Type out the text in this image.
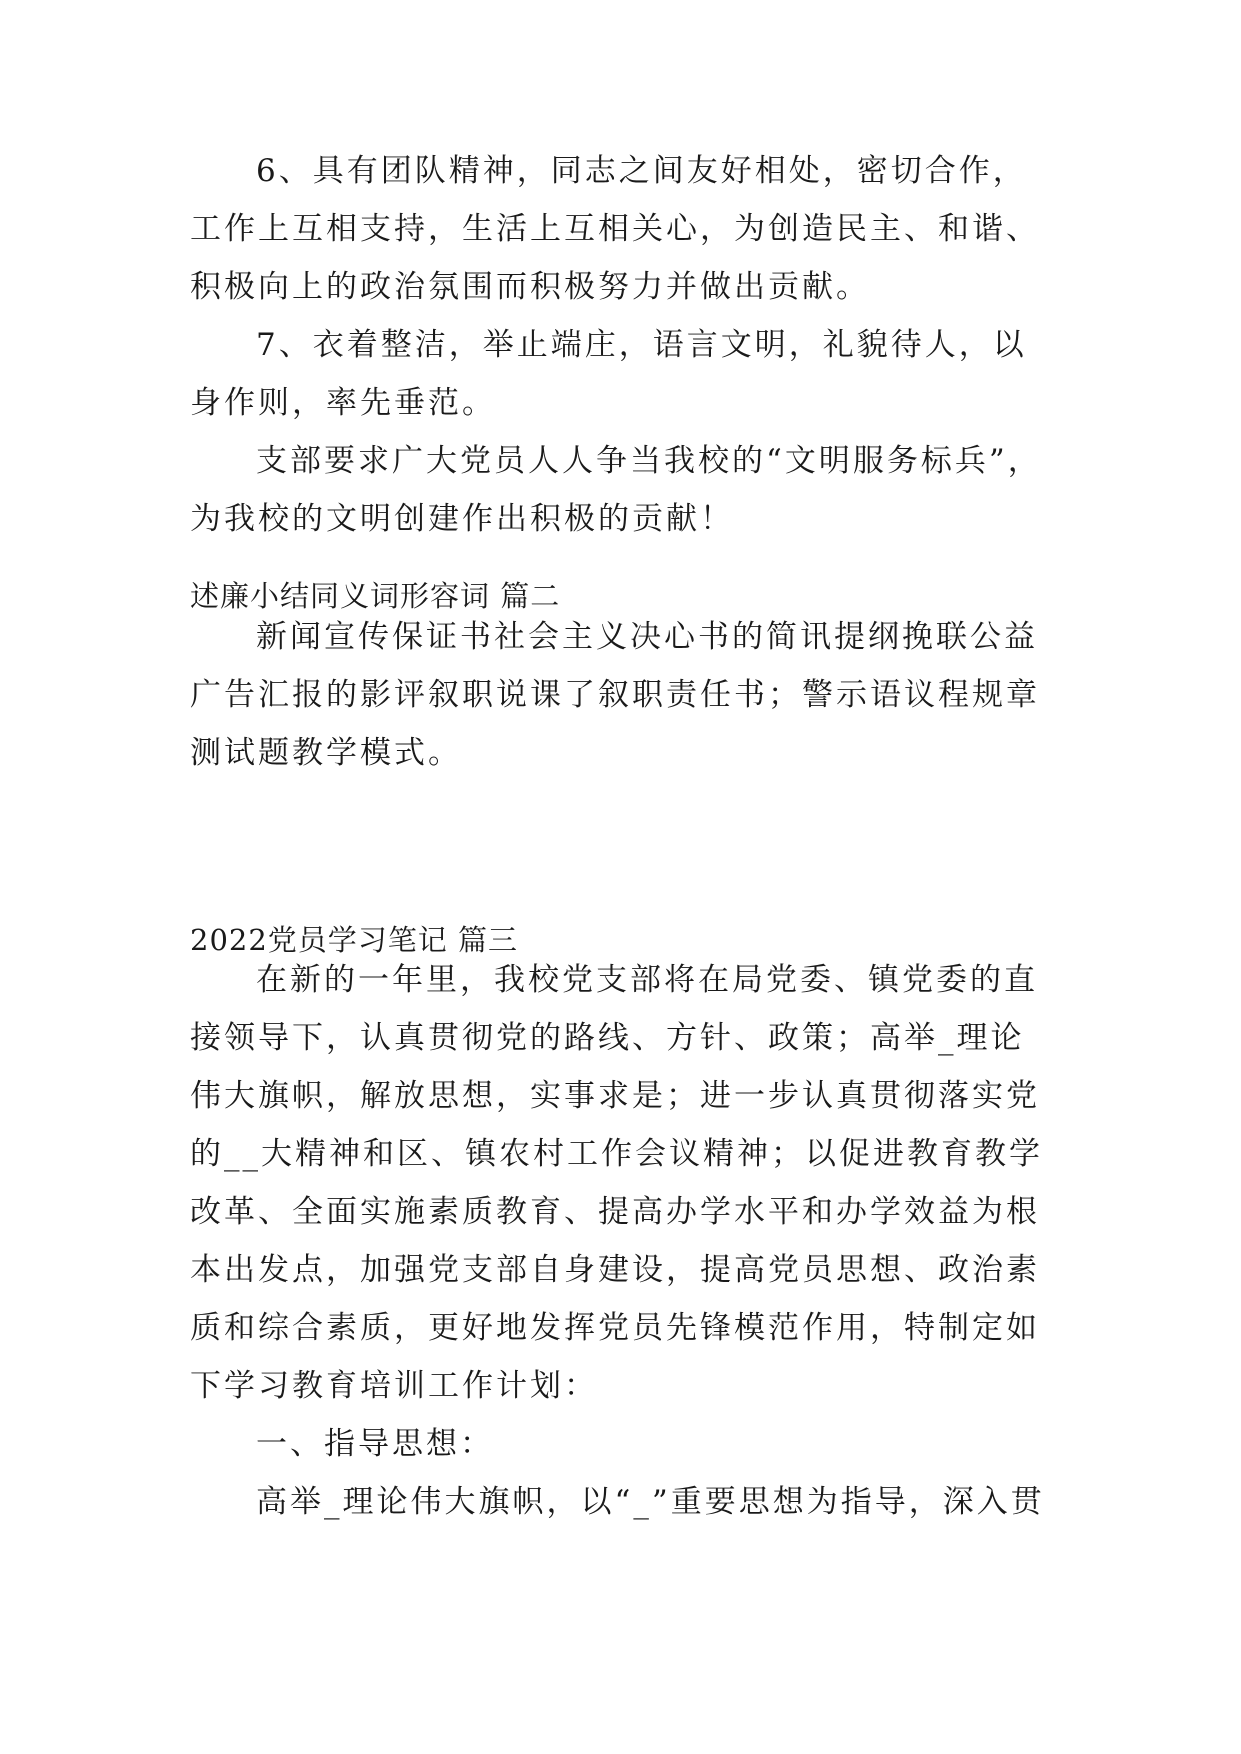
6、具有团队精神，同志之间友好相处，密切合作，工作上互相支持，生活上互相关心，为创造民主、和谐、积极向上的政治氛围而积极努力并做出贡献。

7、衣着整洁，举止端庄，语言文明，礼貌待人，以身作则，率先垂范。

支部要求广大党员人人争当我校的“文明服务标兵”，为我校的文明创建作出积极的贡献！

述廉小结同义词形容词 篇二

新闻宣传保证书社会主义决心书的简讯提纲挽联公益广告汇报的影评叙职说课了叙职责任书；警示语议程规章测试题教学模式。

2022党员学习笔记 篇三

在新的一年里，我校党支部将在局党委、镇党委的直接领导下，认真贯彻党的路线、方针、政策；高举_理论伟大旗帜，解放思想，实事求是；进一步认真贯彻落实党的__大精神和区、镇农村工作会议精神；以促进教育教学改革、全面实施素质教育、提高办学水平和办学效益为根本出发点，加强党支部自身建设，提高党员思想、政治素质和综合素质，更好地发挥党员先锋模范作用，特制定如下学习教育培训工作计划：

一、指导思想：

高举_理论伟大旗帜，以“_”重要思想为指导，深入贯
